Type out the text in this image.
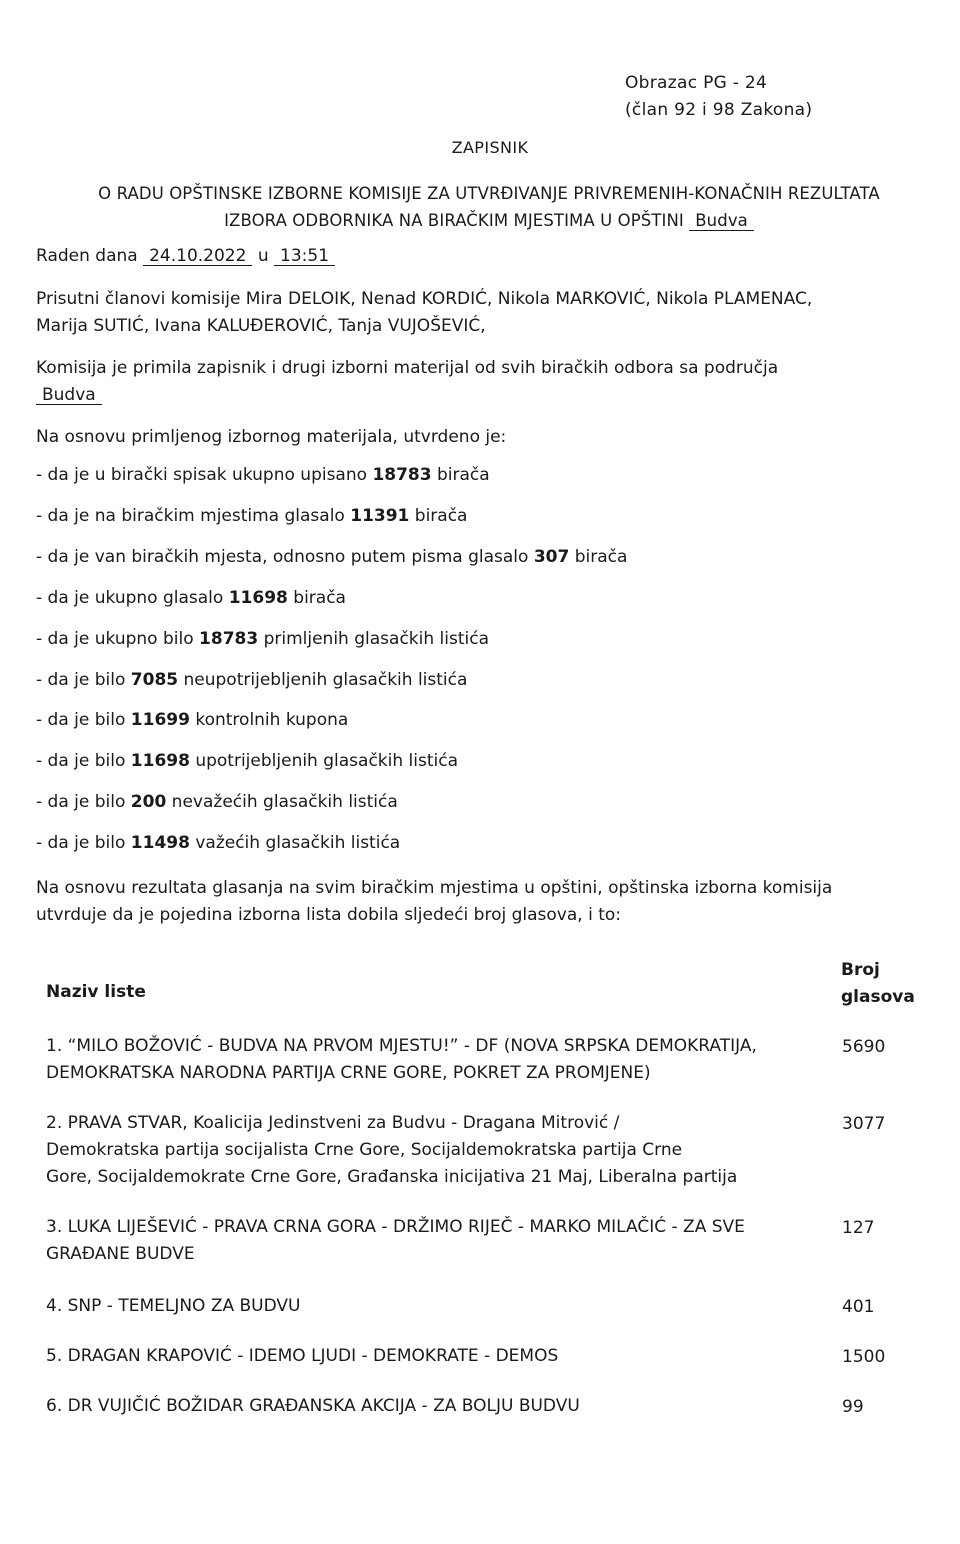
Obrazac PG - 24
(član 92 i 98 Zakona)
ZAPISNIK
O RADU OPŠTINSKE IZBORNE KOMISIJE ZA UTVRĐIVANJE PRIVREMENIH-KONAČNIH REZULTATA
IZBORA ODBORNIKA NA BIRAČKIM MJESTIMA U OPŠTINI Budva
Raden dana 24.10.2022 u 13:51
Prisutni članovi komisije Mira DELOIK, Nenad KORDIĆ, Nikola MARKOVIĆ, Nikola PLAMENAC,
Marija SUTIĆ, Ivana KALUĐEROVIĆ, Tanja VUJOŠEVIĆ,
Komisija je primila zapisnik i drugi izborni materijal od svih biračkih odbora sa područja
Budva
Na osnovu primljenog izbornog materijala, utvrdeno je:
- da je u birački spisak ukupno upisano 18783 birača
- da je na biračkim mjestima glasalo 11391 birača
- da je van biračkih mjesta, odnosno putem pisma glasalo 307 birača
- da je ukupno glasalo 11698 birača
- da je ukupno bilo 18783 primljenih glasačkih listića
- da je bilo 7085 neupotrijebljenih glasačkih listića
- da je bilo 11699 kontrolnih kupona
- da je bilo 11698 upotrijebljenih glasačkih listića
- da je bilo 200 nevažećih glasačkih listića
- da je bilo 11498 važećih glasačkih listića
Na osnovu rezultata glasanja na svim biračkim mjestima u opštini, opštinska izborna komisija
utvrduje da je pojedina izborna lista dobila sljedeći broj glasova, i to:
Naziv liste
Broj
glasova
1. “MILO BOŽOVIĆ - BUDVA NA PRVOM MJESTU!” - DF (NOVA SRPSKA DEMOKRATIJA,
DEMOKRATSKA NARODNA PARTIJA CRNE GORE, POKRET ZA PROMJENE)
5690
2. PRAVA STVAR, Koalicija Jedinstveni za Budvu - Dragana Mitrović /
Demokratska partija socijalista Crne Gore, Socijaldemokratska partija Crne
Gore, Socijaldemokrate Crne Gore, Građanska inicijativa 21 Maj, Liberalna partija
3077
3. LUKA LIJEŠEVIĆ - PRAVA CRNA GORA - DRŽIMO RIJEČ - MARKO MILAČIĆ - ZA SVE
GRAĐANE BUDVE
127
4. SNP - TEMELJNO ZA BUDVU	401
5. DRAGAN KRAPOVIĆ - IDEMO LJUDI - DEMOKRATE - DEMOS	1500
6. DR VUJIČIĆ BOŽIDAR GRAĐANSKA AKCIJA - ZA BOLJU BUDVU	99
